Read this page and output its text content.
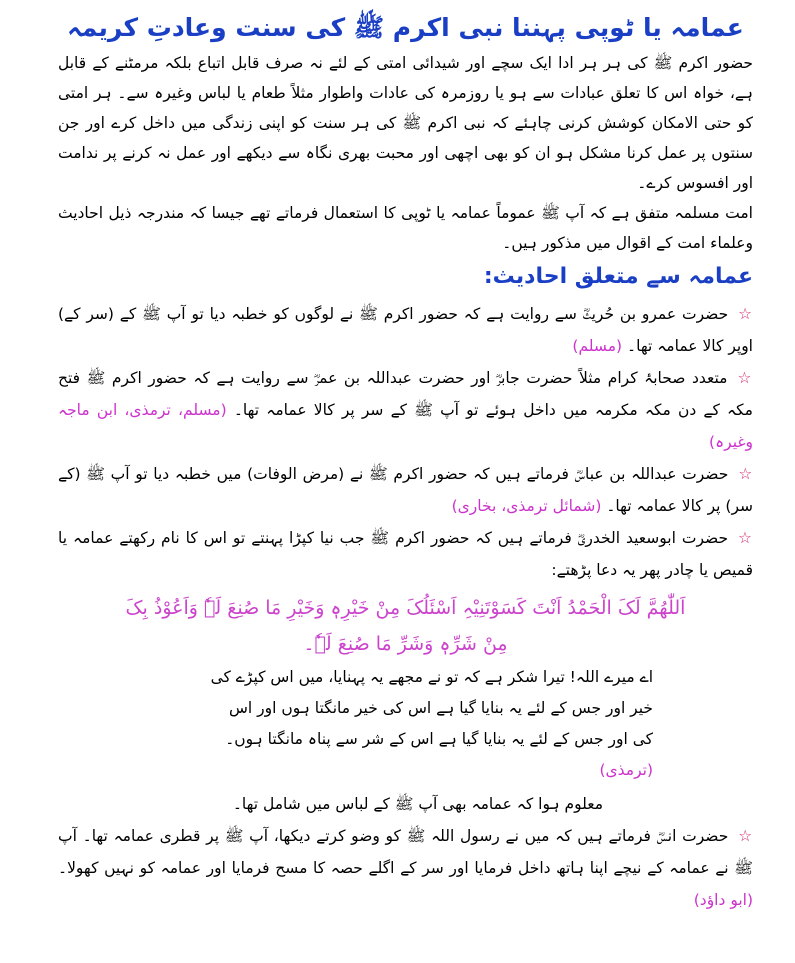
عمامہ یا ٹوپی پہننا نبی اکرم ﷺ کی سنت وعادتِ کریمہ

حضور اکرم ﷺ کی ہر ہر ادا ایک سچے اور شیدائی امتی کے لئے نہ صرف قابل اتباع بلکہ مرمٹنے کے قابل ہے، خواہ اس کا تعلق عبادات سے ہو یا روزمرہ کی عادات واطوار مثلاً طعام یا لباس وغیرہ سے۔ ہر امتی کو حتی الامکان کوشش کرنی چاہئے کہ نبی اکرم ﷺ کی ہر سنت کو اپنی زندگی میں داخل کرے اور جن سنتوں پر عمل کرنا مشکل ہو ان کو بھی اچھی اور محبت بھری نگاہ سے دیکھے اور عمل نہ کرنے پر ندامت اور افسوس کرے۔

امت مسلمہ متفق ہے کہ آپ ﷺ عموماً عمامہ یا ٹوپی کا استعمال فرماتے تھے جیسا کہ مندرجہ ذیل احادیث وعلماء امت کے اقوال میں مذکور ہیں۔

عمامہ سے متعلق احادیث:

☆حضرت عمرو بن حُریثؓ سے روایت ہے کہ حضور اکرم ﷺ نے لوگوں کو خطبہ دیا تو آپ ﷺ کے (سر کے) اوپر کالا عمامہ تھا۔ (مسلم)

☆متعدد صحابۂ کرام مثلاً حضرت جابرؓ اور حضرت عبداللہ بن عمرؓ سے روایت ہے کہ حضور اکرم ﷺ فتح مکہ کے دن مکہ مکرمہ میں داخل ہوئے تو آپ ﷺ کے سر پر کالا عمامہ تھا۔ (مسلم، ترمذی، ابن ماجہ وغیرہ)

☆حضرت عبداللہ بن عباسؓ فرماتے ہیں کہ حضور اکرم ﷺ نے (مرض الوفات) میں خطبہ دیا تو آپ ﷺ (کے سر) پر کالا عمامہ تھا۔ (شمائل ترمذی، بخاری)

☆حضرت ابوسعید الخدریؓ فرماتے ہیں کہ حضور اکرم ﷺ جب نیا کپڑا پہنتے تو اس کا نام رکھتے عمامہ یا قمیص یا چادر پھر یہ دعا پڑھتے:

اَللّٰھُمَّ لَکَ الْحَمْدُ اَنْتَ کَسَوْتَنِیْہِ اَسْئَلُکَ مِنْ خَیْرِہٖ وَخَیْرِ مَا صُنِعَ لَہٗ وَاَعُوْذُ بِکَ مِنْ شَرِّہٖ وَشَرِّ مَا صُنِعَ لَہٗ۔

اے میرے اللہ! تیرا شکر ہے کہ تو نے مجھے یہ پہنایا، میں اس کپڑے کی خیر اور جس کے لئے یہ بنایا گیا ہے اس کی خیر مانگتا ہوں اور اس کی اور جس کے لئے یہ بنایا گیا ہے اس کے شر سے پناہ مانگتا ہوں۔ (ترمذی)

معلوم ہوا کہ عمامہ بھی آپ ﷺ کے لباس میں شامل تھا۔

☆حضرت انسؓ فرماتے ہیں کہ میں نے رسول اللہ ﷺ کو وضو کرتے دیکھا، آپ ﷺ پر قطری عمامہ تھا۔ آپ ﷺ نے عمامہ کے نیچے اپنا ہاتھ داخل فرمایا اور سر کے اگلے حصہ کا مسح فرمایا اور عمامہ کو نہیں کھولا۔ (ابو داؤد)
